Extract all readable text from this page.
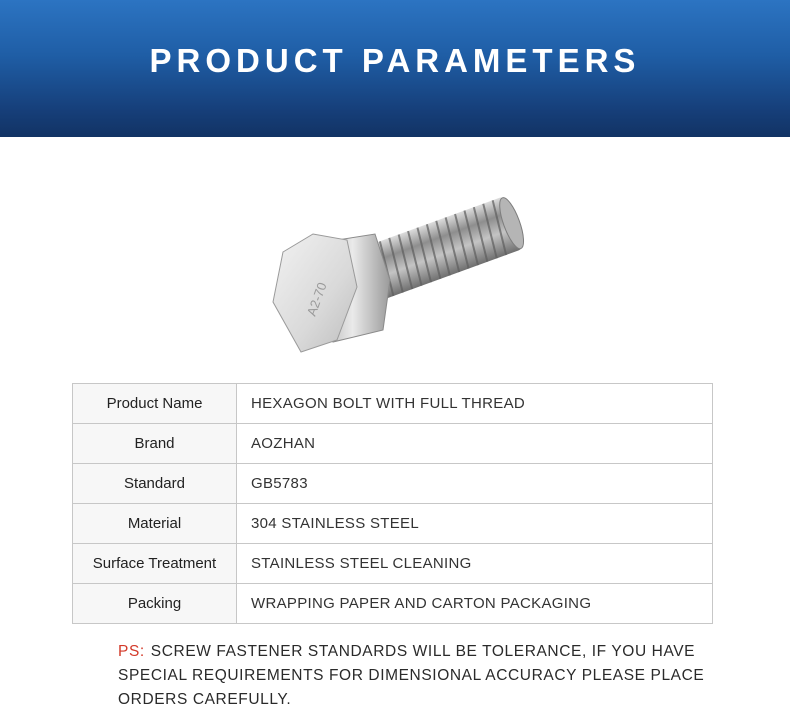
PRODUCT PARAMETERS
A2-70
Product Name	HEXAGON BOLT WITH FULL THREAD
Brand	AOZHAN
Standard	GB5783
Material	304 STAINLESS STEEL
Surface Treatment	STAINLESS STEEL CLEANING
Packing	WRAPPING PAPER AND CARTON PACKAGING
PS: SCREW FASTENER STANDARDS WILL BE TOLERANCE, IF YOU HAVE SPECIAL REQUIREMENTS FOR DIMENSIONAL ACCURACY PLEASE PLACE ORDERS CAREFULLY.
